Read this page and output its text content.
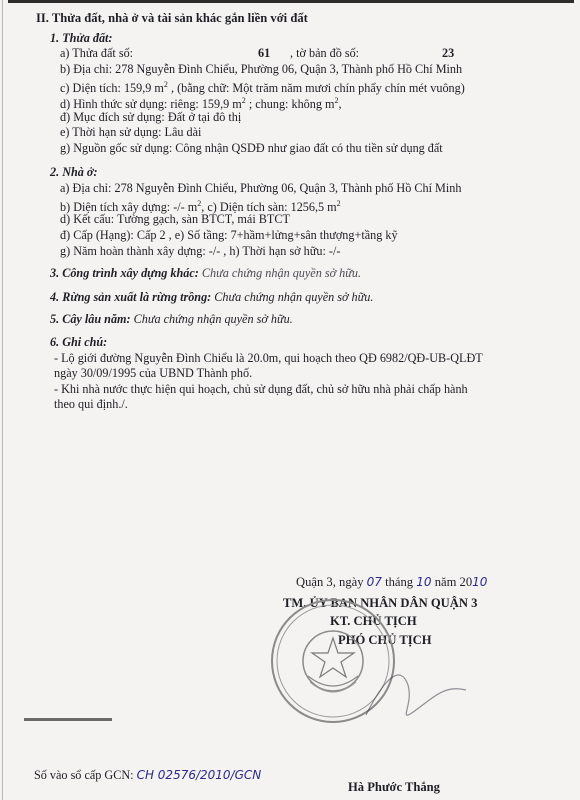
II. Thửa đất, nhà ở và tài sản khác gắn liền với đất
1. Thửa đất:
a) Thửa đất số:	61 , tờ bản đồ số:	23
b) Địa chỉ: 278 Nguyễn Đình Chiểu, Phường 06, Quận 3, Thành phố Hồ Chí Minh
c) Diện tích: 159,9 $m^2$ , (bằng chữ: Một trăm năm mươi chín phẩy chín mét vuông)
d) Hình thức sử dụng: riêng: 159,9 $m^2$ ; chung: không $m^2$,
đ) Mục đích sử dụng: Đất ở tại đô thị
e) Thời hạn sử dụng: Lâu dài
g) Nguồn gốc sử dụng: Công nhận QSDĐ như giao đất có thu tiền sử dụng đất
2. Nhà ở:
a) Địa chỉ: 278 Nguyễn Đình Chiểu, Phường 06, Quận 3, Thành phố Hồ Chí Minh
b) Diện tích xây dựng: -/- $m^2$, c) Diện tích sàn: 1256,5 $m^2$
d) Kết cấu: Tường gạch, sàn BTCT, mái BTCT
đ) Cấp (Hạng): Cấp 2 , e) Số tầng: 7+hầm+lửng+sân thượng+tầng kỹ
g) Năm hoàn thành xây dựng: -/- , h) Thời hạn sở hữu: -/-
3. Công trình xây dựng khác: Chưa chứng nhận quyền sở hữu.
4. Rừng sản xuất là rừng trồng: Chưa chứng nhận quyền sở hữu.
5. Cây lâu năm: Chưa chứng nhận quyền sở hữu.
6. Ghi chú:
- Lộ giới đường Nguyễn Đình Chiểu là 20.0m, qui hoạch theo QĐ 6982/QĐ-UB-QLĐT
ngày 30/09/1995 của UBND Thành phố.
- Khi nhà nước thực hiện qui hoạch, chủ sử dụng đất, chủ sở hữu nhà phải chấp hành
theo qui định./.
Quận 3, ngày 07 tháng 10 năm 2010
TM. ỦY BAN NHÂN DÂN QUẬN 3
KT. CHỦ TỊCH
PHÓ CHỦ TỊCH
Số vào sổ cấp GCN: CH 02576/2010/GCN
Hà Phước Thắng
